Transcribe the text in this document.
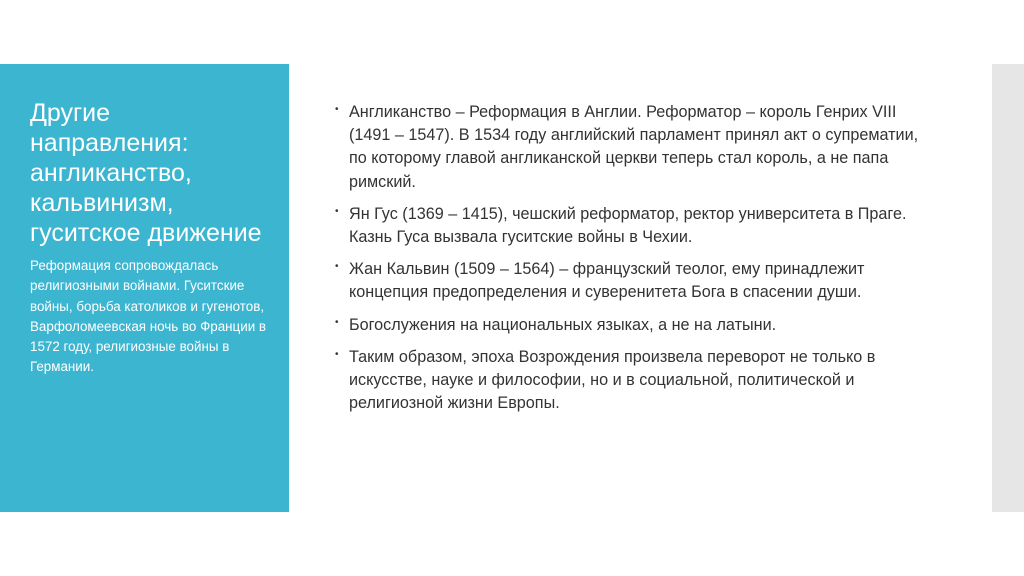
Другие направления: англиканство, кальвинизм, гуситское движение

Реформация сопровождалась религиозными войнами. Гуситские войны, борьба католиков и гугенотов, Варфоломеевская ночь во Франции в 1572 году, религиозные войны в Германии.

• Англиканство – Реформация в Англии. Реформатор – король Генрих VIII (1491 – 1547). В 1534 году английский парламент принял акт о супрематии, по которому главой англиканской церкви теперь стал король, а не папа римский.
• Ян Гус (1369 – 1415), чешский реформатор, ректор университета в Праге. Казнь Гуса вызвала гуситские войны в Чехии.
• Жан Кальвин (1509 – 1564) – французский теолог, ему принадлежит концепция предопределения и суверенитета Бога в спасении души.
• Богослужения на национальных языках, а не на латыни.
• Таким образом, эпоха Возрождения произвела переворот не только в искусстве, науке и философии, но и в социальной, политической и религиозной жизни Европы.
